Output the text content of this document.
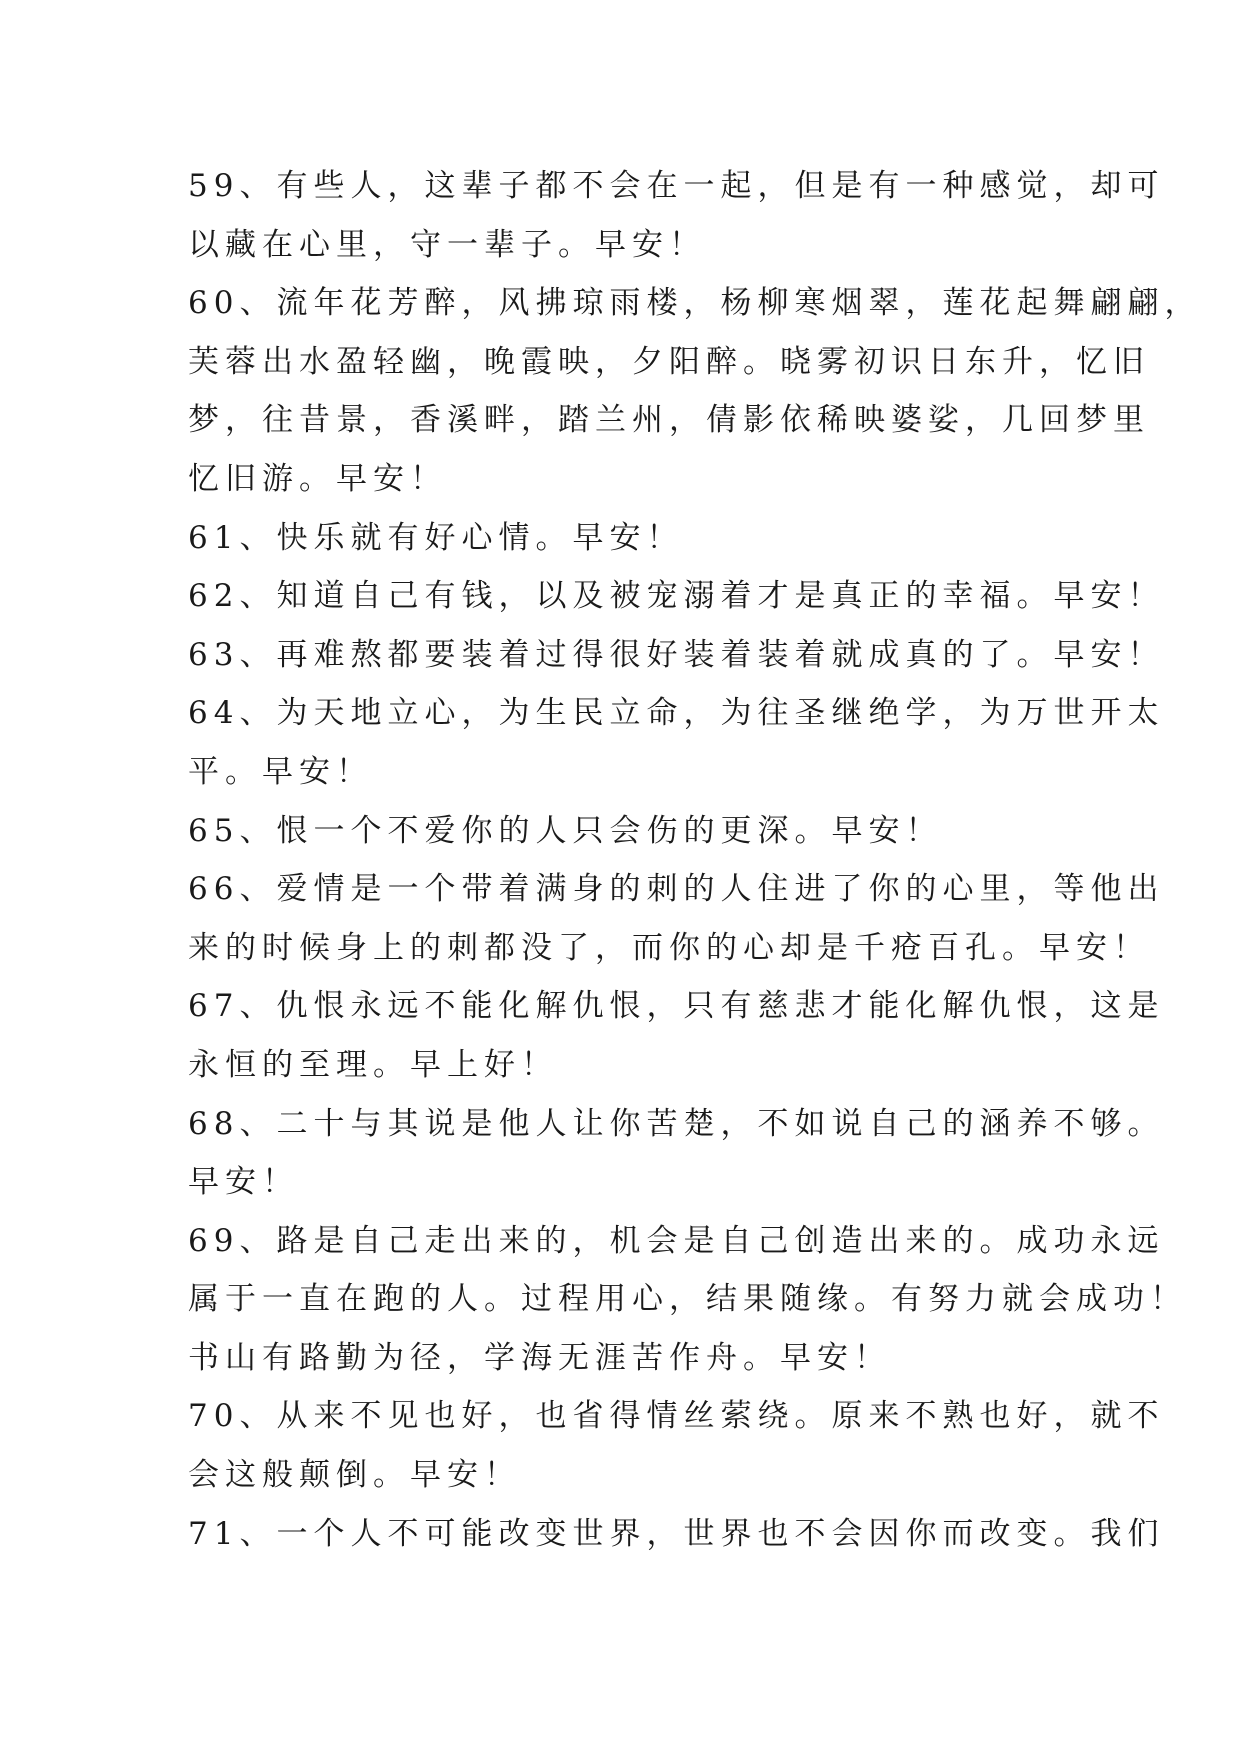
59、有些人，这辈子都不会在一起，但是有一种感觉，却可
以藏在心里，守一辈子。早安！
60、流年花芳醉，风拂琼雨楼，杨柳寒烟翠，莲花起舞翩翩，
芙蓉出水盈轻幽，晚霞映，夕阳醉。晓雾初识日东升，忆旧
梦，往昔景，香溪畔，踏兰州，倩影依稀映婆娑，几回梦里
忆旧游。早安！
61、快乐就有好心情。早安！
62、知道自己有钱，以及被宠溺着才是真正的幸福。早安！
63、再难熬都要装着过得很好装着装着就成真的了。早安！
64、为天地立心，为生民立命，为往圣继绝学，为万世开太
平。早安！
65、恨一个不爱你的人只会伤的更深。早安！
66、爱情是一个带着满身的刺的人住进了你的心里，等他出
来的时候身上的刺都没了，而你的心却是千疮百孔。早安！
67、仇恨永远不能化解仇恨，只有慈悲才能化解仇恨，这是
永恒的至理。早上好！
68、二十与其说是他人让你苦楚，不如说自己的涵养不够。
早安！
69、路是自己走出来的，机会是自己创造出来的。成功永远
属于一直在跑的人。过程用心，结果随缘。有努力就会成功！
书山有路勤为径，学海无涯苦作舟。早安！
70、从来不见也好，也省得情丝萦绕。原来不熟也好，就不
会这般颠倒。早安！
71、一个人不可能改变世界，世界也不会因你而改变。我们
